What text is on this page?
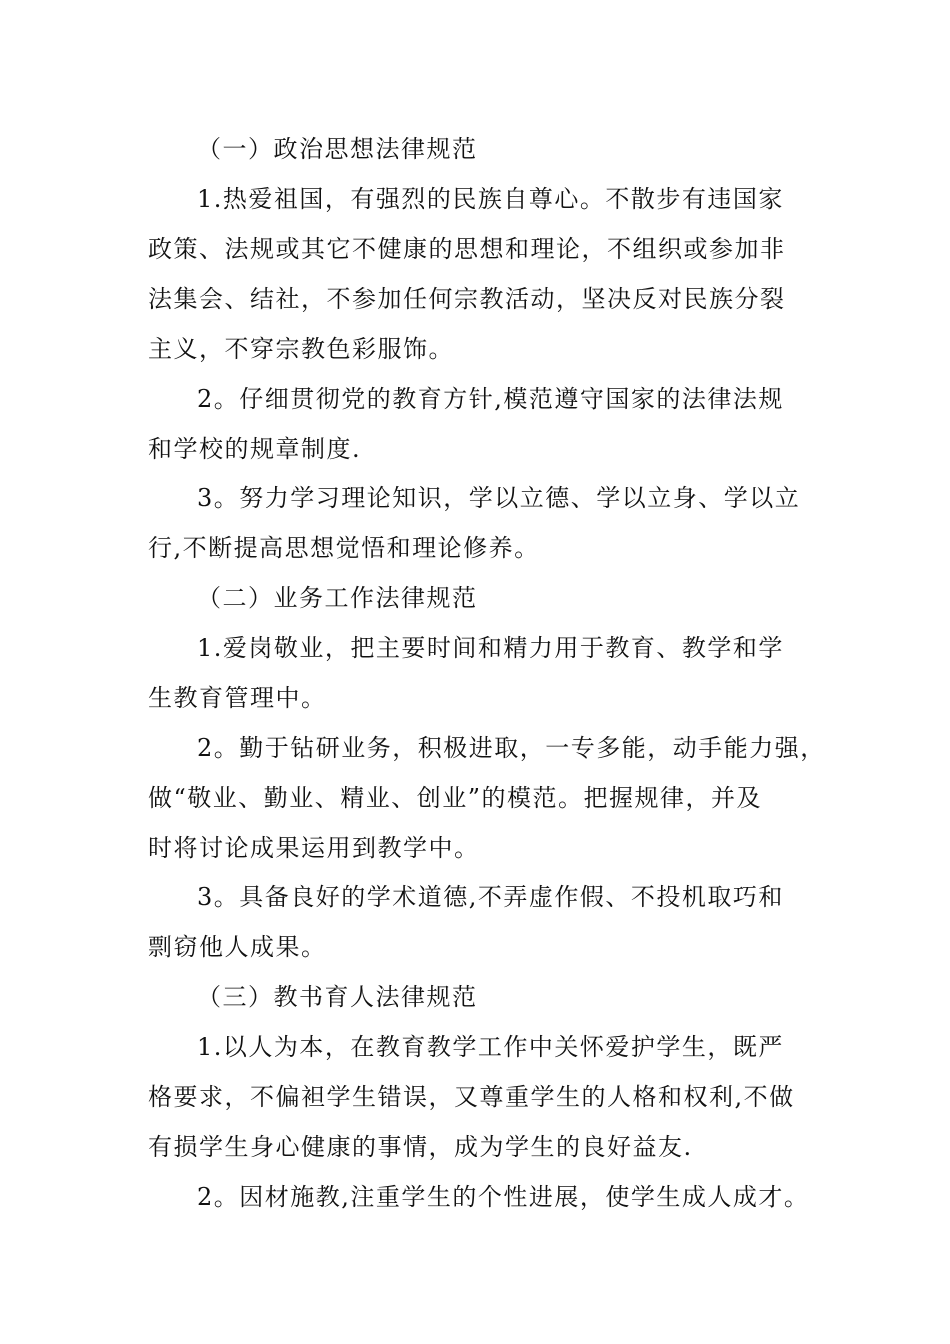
（一）政治思想法律规范
1.热爱祖国，有强烈的民族自尊心。不散步有违国家
政策、法规或其它不健康的思想和理论，不组织或参加非
法集会、结社，不参加任何宗教活动，坚决反对民族分裂
主义，不穿宗教色彩服饰。
2。仔细贯彻党的教育方针,模范遵守国家的法律法规
和学校的规章制度.
3。努力学习理论知识，学以立德、学以立身、学以立
行,不断提高思想觉悟和理论修养。
（二）业务工作法律规范
1.爱岗敬业，把主要时间和精力用于教育、教学和学
生教育管理中。
2。勤于钻研业务，积极进取，一专多能，动手能力强，
做“敬业、勤业、精业、创业”的模范。把握规律，并及
时将讨论成果运用到教学中。
3。具备良好的学术道德,不弄虚作假、不投机取巧和
剽窃他人成果。
（三）教书育人法律规范
1.以人为本，在教育教学工作中关怀爱护学生，既严
格要求，不偏袒学生错误，又尊重学生的人格和权利,不做
有损学生身心健康的事情，成为学生的良好益友.
2。因材施教,注重学生的个性进展，使学生成人成才。
